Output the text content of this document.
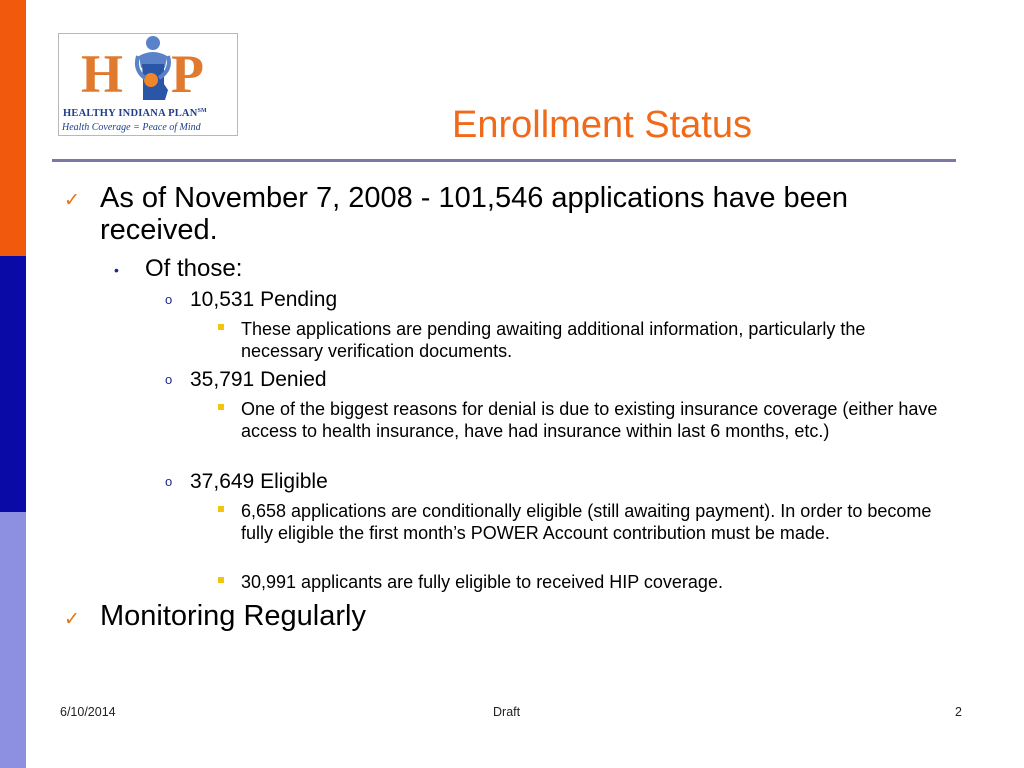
H P
HEALTHY INDIANA PLAN℠
Health Coverage = Peace of Mind	Enrollment Status
✓ As of November 7, 2008 - 101,546 applications have been received.
• Of those:
o 10,531 Pending
These applications are pending awaiting additional information, particularly the necessary verification documents.
o 35,791 Denied
One of the biggest reasons for denial is due to existing insurance coverage (either have access to health insurance, have had insurance within last 6 months, etc.)
o 37,649 Eligible
6,658 applications are conditionally eligible (still awaiting payment). In order to become fully eligible the first month’s POWER Account contribution must be made.
30,991 applicants are fully eligible to received HIP coverage.
✓ Monitoring Regularly
6/10/2014	Draft	2
